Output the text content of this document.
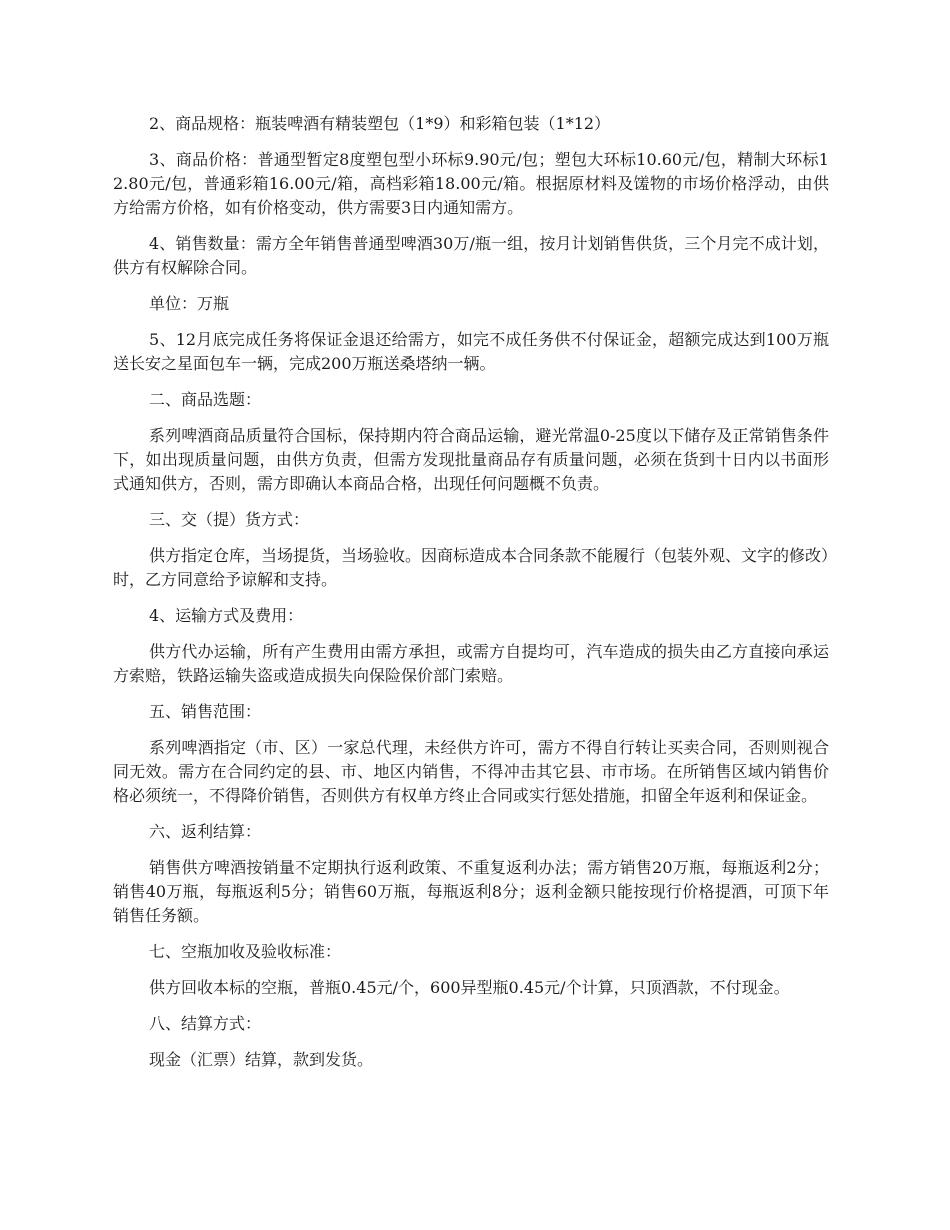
2、商品规格：瓶装啤酒有精装塑包（1*9）和彩箱包装（1*12）

3、商品价格：普通型暂定8度塑包型小环标9.90元/包；塑包大环标10.60元/包，精制大环标12.80元/包，普通彩箱16.00元/箱，高档彩箱18.00元/箱。根据原材料及馐物的市场价格浮动，由供方给需方价格，如有价格变动，供方需要3日内通知需方。

4、销售数量：需方全年销售普通型啤酒30万/瓶一组，按月计划销售供货，三个月完不成计划，供方有权解除合同。

单位：万瓶

5、12月底完成任务将保证金退还给需方，如完不成任务供不付保证金，超额完成达到100万瓶送长安之星面包车一辆，完成200万瓶送桑塔纳一辆。

二、商品选题：

系列啤酒商品质量符合国标，保持期内符合商品运输，避光常温0-25度以下储存及正常销售条件下，如出现质量问题，由供方负责，但需方发现批量商品存有质量问题，必须在货到十日内以书面形式通知供方，否则，需方即确认本商品合格，出现任何问题概不负责。

三、交（提）货方式：

供方指定仓库，当场提货，当场验收。因商标造成本合同条款不能履行（包装外观、文字的修改）时，乙方同意给予谅解和支持。

4、运输方式及费用：

供方代办运输，所有产生费用由需方承担，或需方自提均可，汽车造成的损失由乙方直接向承运方索赔，铁路运输失盗或造成损失向保险保价部门索赔。

五、销售范围：

系列啤酒指定（市、区）一家总代理，未经供方许可，需方不得自行转让买卖合同，否则则视合同无效。需方在合同约定的县、市、地区内销售，不得冲击其它县、市市场。在所销售区域内销售价格必须统一，不得降价销售，否则供方有权单方终止合同或实行惩处措施，扣留全年返利和保证金。

六、返利结算：

销售供方啤酒按销量不定期执行返利政策、不重复返利办法；需方销售20万瓶，每瓶返利2分；销售40万瓶，每瓶返利5分；销售60万瓶，每瓶返利8分；返利金额只能按现行价格提酒，可顶下年销售任务额。

七、空瓶加收及验收标准：

供方回收本标的空瓶，普瓶0.45元/个，600异型瓶0.45元/个计算，只顶酒款，不付现金。

八、结算方式：

现金（汇票）结算，款到发货。
